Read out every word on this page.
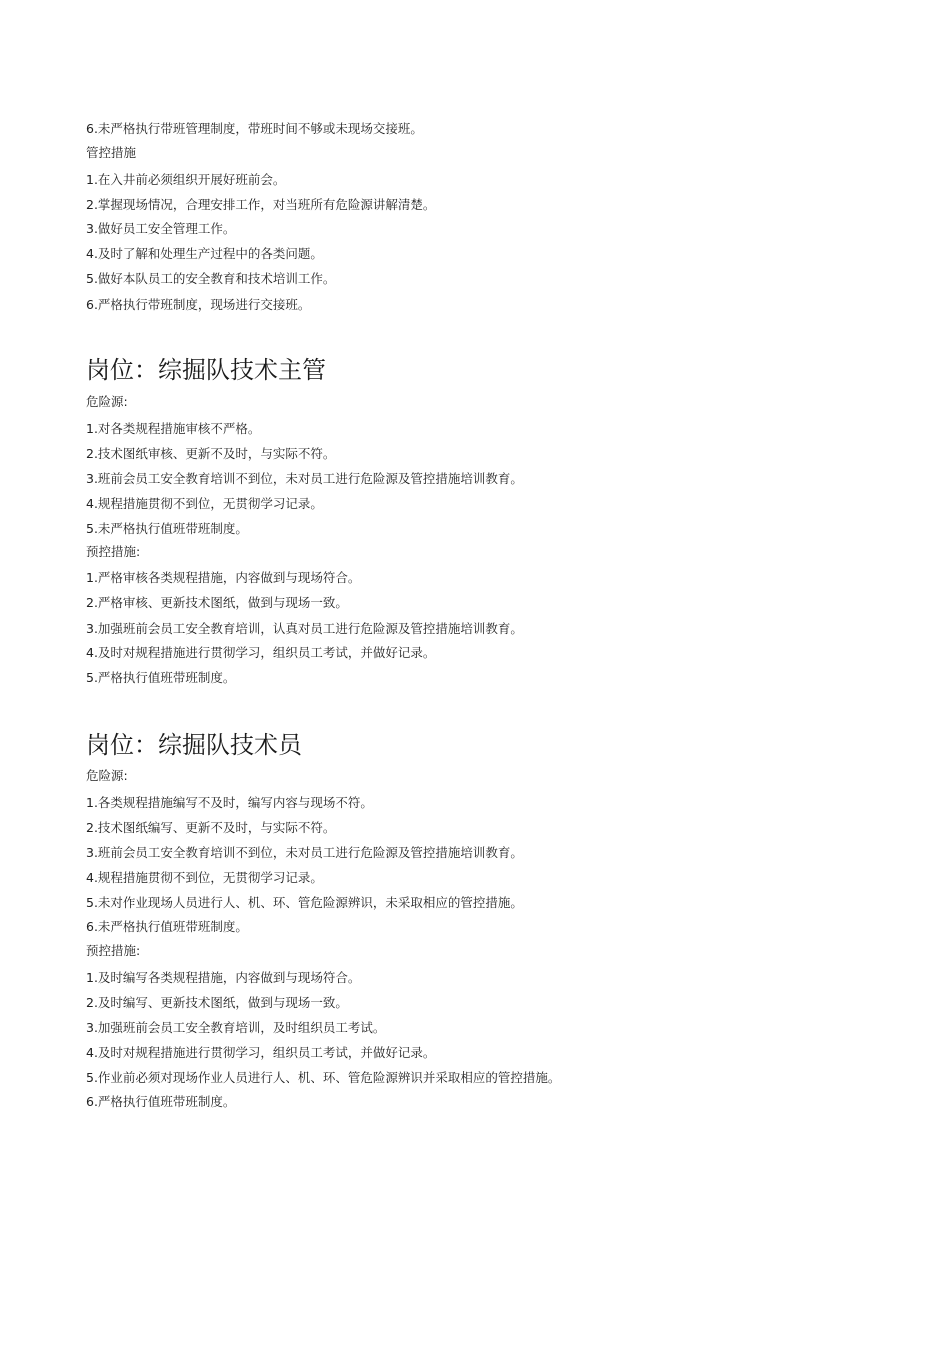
6.未严格执行带班管理制度，带班时间不够或未现场交接班。
管控措施
1.在入井前必须组织开展好班前会。
2.掌握现场情况，合理安排工作，对当班所有危险源讲解清楚。
3.做好员工安全管理工作。
4.及时了解和处理生产过程中的各类问题。
5.做好本队员工的安全教育和技术培训工作。
6.严格执行带班制度，现场进行交接班。
岗位：综掘队技术主管
危险源:
1.对各类规程措施审核不严格。
2.技术图纸审核、更新不及时，与实际不符。
3.班前会员工安全教育培训不到位，未对员工进行危险源及管控措施培训教育。
4.规程措施贯彻不到位，无贯彻学习记录。
5.未严格执行值班带班制度。
预控措施:
1.严格审核各类规程措施，内容做到与现场符合。
2.严格审核、更新技术图纸，做到与现场一致。
3.加强班前会员工安全教育培训，认真对员工进行危险源及管控措施培训教育。
4.及时对规程措施进行贯彻学习，组织员工考试，并做好记录。
5.严格执行值班带班制度。
岗位：综掘队技术员
危险源:
1.各类规程措施编写不及时，编写内容与现场不符。
2.技术图纸编写、更新不及时，与实际不符。
3.班前会员工安全教育培训不到位，未对员工进行危险源及管控措施培训教育。
4.规程措施贯彻不到位，无贯彻学习记录。
5.未对作业现场人员进行人、机、环、管危险源辨识，未采取相应的管控措施。
6.未严格执行值班带班制度。
预控措施:
1.及时编写各类规程措施，内容做到与现场符合。
2.及时编写、更新技术图纸，做到与现场一致。
3.加强班前会员工安全教育培训，及时组织员工考试。
4.及时对规程措施进行贯彻学习，组织员工考试，并做好记录。
5.作业前必须对现场作业人员进行人、机、环、管危险源辨识并采取相应的管控措施。
6.严格执行值班带班制度。
